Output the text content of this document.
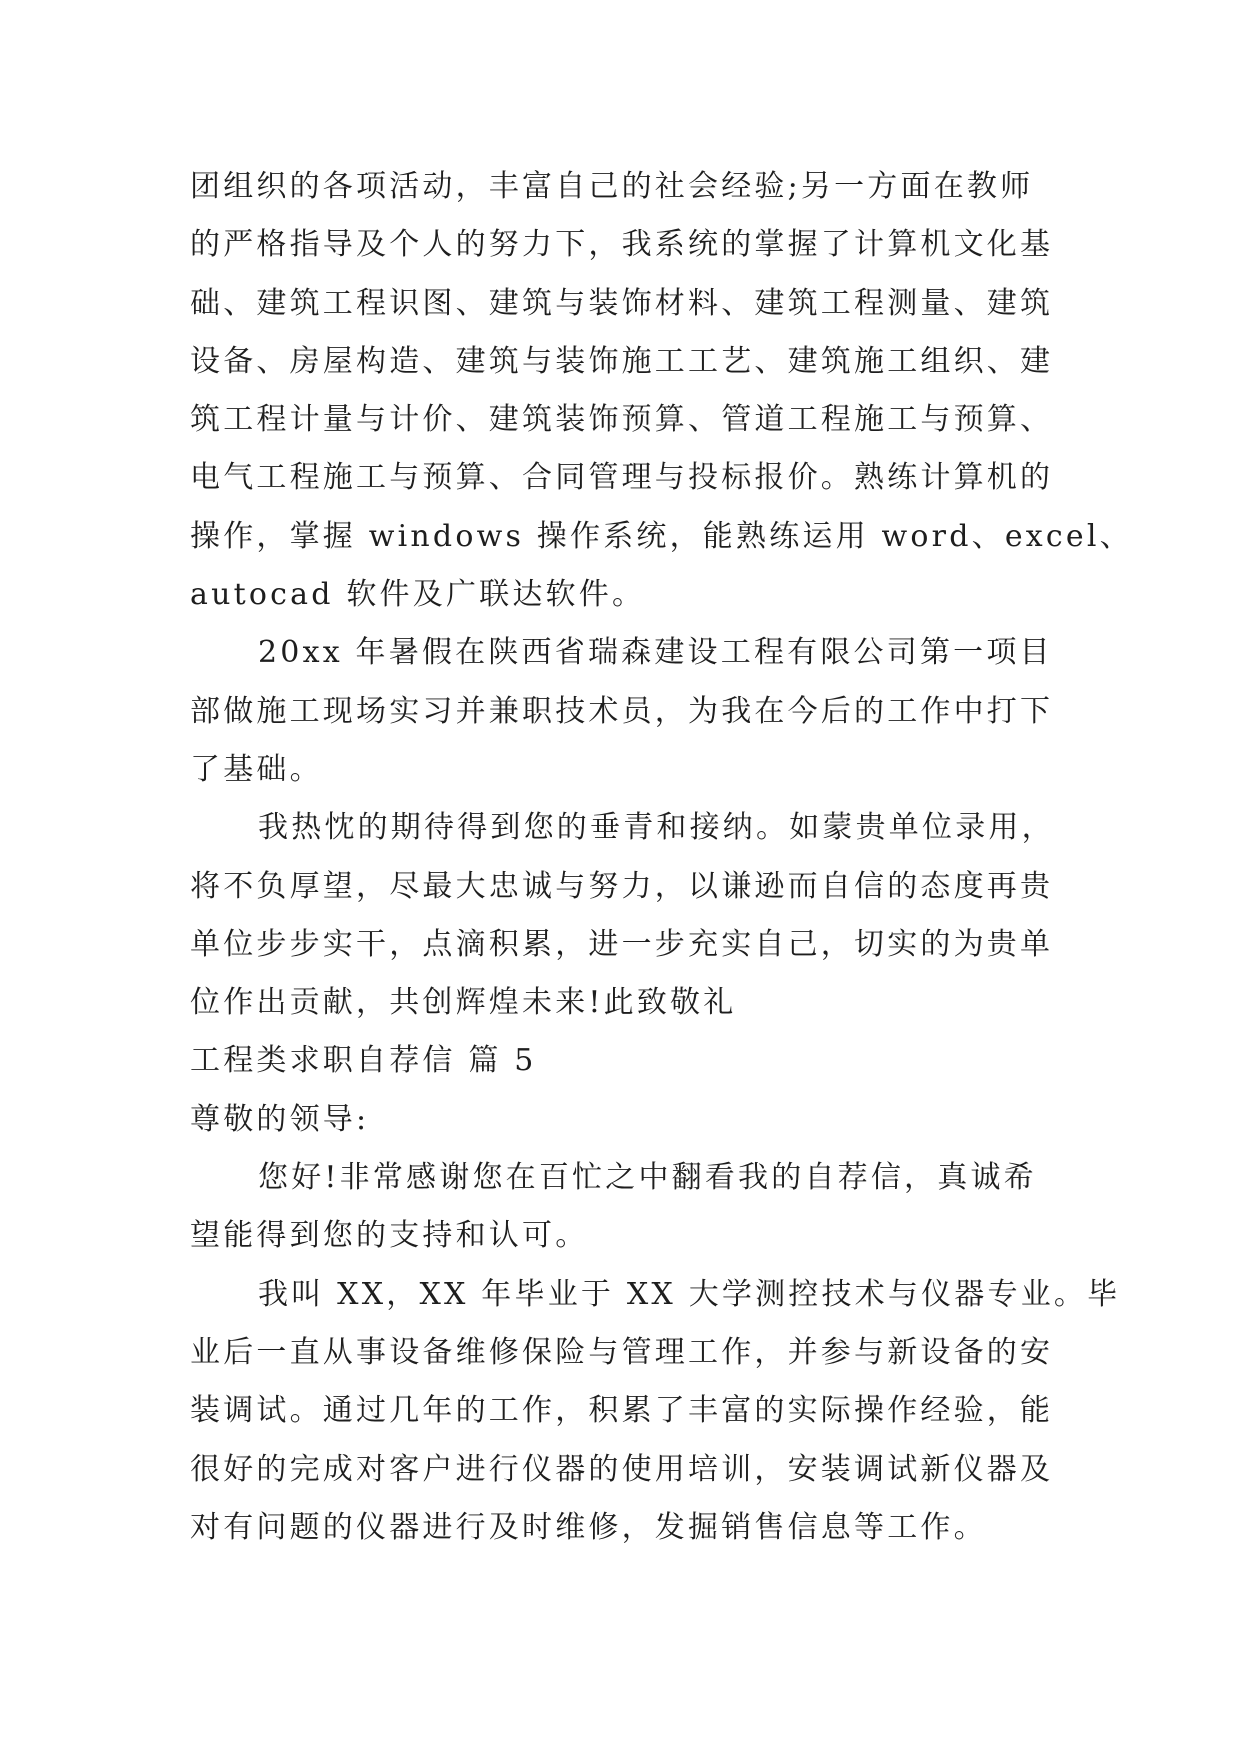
团组织的各项活动，丰富自己的社会经验;另一方面在教师
的严格指导及个人的努力下，我系统的掌握了计算机文化基
础、建筑工程识图、建筑与装饰材料、建筑工程测量、建筑
设备、房屋构造、建筑与装饰施工工艺、建筑施工组织、建
筑工程计量与计价、建筑装饰预算、管道工程施工与预算、
电气工程施工与预算、合同管理与投标报价。熟练计算机的
操作，掌握 windows 操作系统，能熟练运用 word、excel、
autocad 软件及广联达软件。
20xx 年暑假在陕西省瑞森建设工程有限公司第一项目
部做施工现场实习并兼职技术员，为我在今后的工作中打下
了基础。
我热忱的期待得到您的垂青和接纳。如蒙贵单位录用，
将不负厚望，尽最大忠诚与努力，以谦逊而自信的态度再贵
单位步步实干，点滴积累，进一步充实自己，切实的为贵单
位作出贡献，共创辉煌未来!此致敬礼
工程类求职自荐信 篇 5
尊敬的领导:
您好!非常感谢您在百忙之中翻看我的自荐信，真诚希
望能得到您的支持和认可。
我叫 XX，XX 年毕业于 XX 大学测控技术与仪器专业。毕
业后一直从事设备维修保险与管理工作，并参与新设备的安
装调试。通过几年的工作，积累了丰富的实际操作经验，能
很好的完成对客户进行仪器的使用培训，安装调试新仪器及
对有问题的仪器进行及时维修，发掘销售信息等工作。
